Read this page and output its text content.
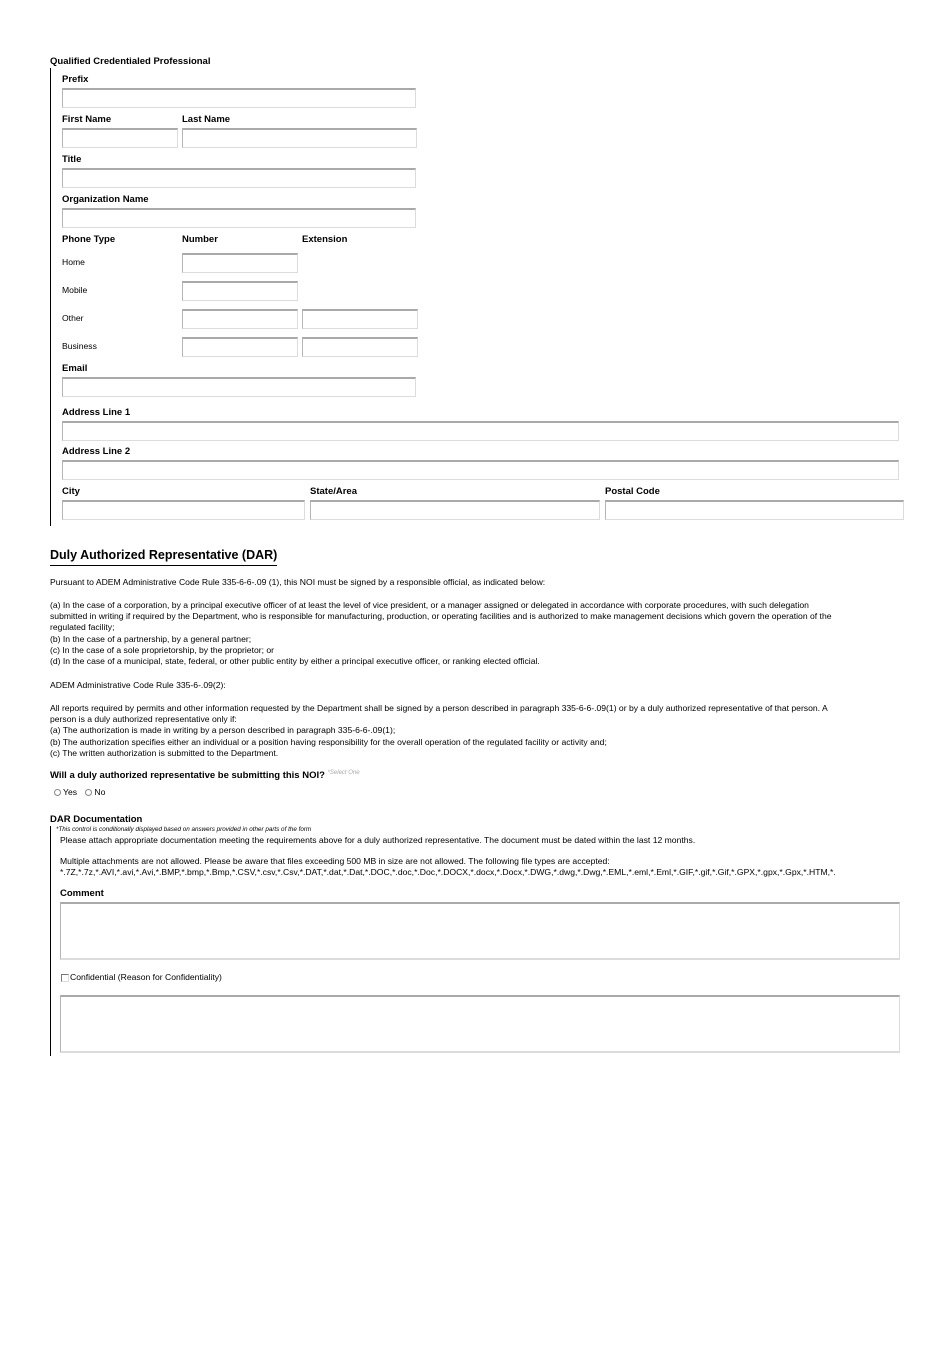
Qualified Credentialed Professional
Prefix
First Name	Last Name
Title
Organization Name
Phone Type	Number	Extension
Home
Mobile
Other
Business
Email
Address Line 1
Address Line 2
City	State/Area	Postal Code
Duly Authorized Representative (DAR)
Pursuant to ADEM Administrative Code Rule 335-6-6-.09 (1), this NOI must be signed by a responsible official, as indicated below:
(a) In the case of a corporation, by a principal executive officer of at least the level of vice president, or a manager assigned or delegated in accordance with corporate procedures, with such delegation
submitted in writing if required by the Department, who is responsible for manufacturing, production, or operating facilities and is authorized to make management decisions which govern the operation of the
regulated facility;
(b) In the case of a partnership, by a general partner;
(c) In the case of a sole proprietorship, by the proprietor; or
(d) In the case of a municipal, state, federal, or other public entity by either a principal executive officer, or ranking elected official.
ADEM Administrative Code Rule 335-6-.09(2):
All reports required by permits and other information requested by the Department shall be signed by a person described in paragraph 335-6-6-.09(1) or by a duly authorized representative of that person. A
person is a duly authorized representative only if:
(a) The authorization is made in writing by a person described in paragraph 335-6-6-.09(1);
(b) The authorization specifies either an individual or a position having responsibility for the overall operation of the regulated facility or activity and;
(c) The written authorization is submitted to the Department.
Will a duly authorized representative be submitting this NOI? $^{*Select One}$
Yes No
DAR Documentation
*This control is conditionally displayed based on answers provided in other parts of the form
Please attach appropriate documentation meeting the requirements above for a duly authorized representative. The document must be dated within the last 12 months.
Multiple attachments are not allowed. Please be aware that files exceeding 500 MB in size are not allowed. The following file types are accepted:
*.7Z,*.7z,*.AVI,*.avi,*.Avi,*.BMP,*.bmp,*.Bmp,*.CSV,*.csv,*.Csv,*.DAT,*.dat,*.Dat,*.DOC,*.doc,*.Doc,*.DOCX,*.docx,*.Docx,*.DWG,*.dwg,*.Dwg,*.EML,*.eml,*.Eml,*.GIF,*.gif,*.Gif,*.GPX,*.gpx,*.Gpx,*.HTM,*.
Comment
Confidential (Reason for Confidentiality)
